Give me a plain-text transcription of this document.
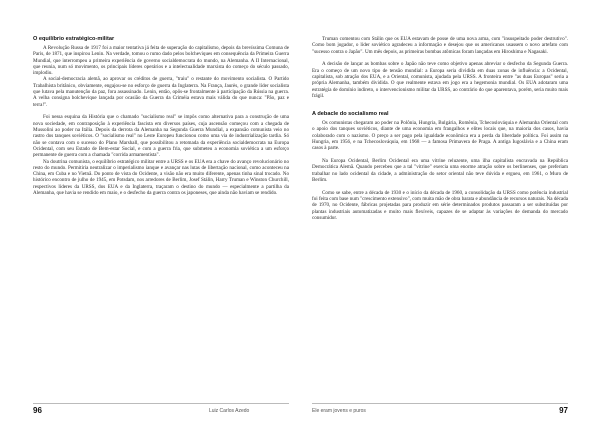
O equilíbrio estratégico-militar

A Revolução Russa de 1917 foi a maior tentativa já feita de superação do capitalismo, depois da brevíssima Comuna de Paris, de 1871, que inspirou Lenin. Na verdade, tomou o rumo dado pelos bolcheviques em consequência da Primeira Guerra Mundial, que interrompeu a primeira experiência de governo socialdemocrata do mundo, na Alemanha. A II Internacional, que reunia, num só movimento, os principais líderes operários e a intelectualidade marxista do começo do século passado, implodiu.

A social-democracia alemã, ao aprovar os créditos de guerra, "traiu" o restante do movimento socialista. O Partido Trabalhista britânico, obviamente, engajou-se no esforço de guerra da Inglaterra. Na França, Jaurès, o grande líder socialista que lutava pela manutenção da paz, fora assassinado. Lenin, então, opôs-se frontalmente à participação da Rússia na guerra. A velha consigna bolchevique lançada por ocasião da Guerra da Criméia estava mais válida do que nunca: "Pão, paz e terra!".

Foi nessa esquina da História que o chamado "socialismo real" se impôs como alternativa para a construção de uma nova sociedade, em contraposição à experiência fascista em diversos países, cuja ascensão começou com a chegada de Mussolini ao poder na Itália. Depois da derrota da Alemanha na Segunda Guerra Mundial, a expansão comunista veio no rastro dos tanques soviéticos. O "socialismo real" no Leste Europeu funcionou como uma via de industrialização tardia. Só não se contava com o sucesso do Plano Marshall, que possibilitou a retomada da experiência socialdemocrata na Europa Ocidental, com seu Estado de Bem-estar Social, e com a guerra fria, que submeteu a economia soviética a um esforço permanente de guerra com a chamada "corrida armamentista".

Na doutrina comunista, o equilíbrio estratégico militar entre a URSS e os EUA era a chave do avanço revolucionário no resto do mundo. Permitiria neutralizar o imperialismo ianque e avançar nas lutas de libertação nacional, como aconteceu na China, em Cuba e no Vietnã. Do ponto de vista do Ocidente, a visão não era muito diferente, apenas tinha sinal trocado. No histórico encontro de julho de 1945, em Potsdam, nos arredores de Berlim, Josef Stálin, Harry Truman e Winston Churchill, respectivos líderes da URSS, dos EUA e da Inglaterra, traçaram o destino do mundo — especialmente a partilha da Alemanha, que havia se rendido em maio, e o desfecho da guerra contra os japoneses, que ainda não haviam se rendido.

Truman comentou com Stálin que os EUA estavam de posse de uma nova arma, com "insuspeitado poder destrutivo". Como bom jogador, o líder soviético agradeceu a informação e desejou que os americanos usassem o novo artefato com "sucesso contra o Japão". Um mês depois, as primeiras bombas atômicas foram lançadas em Hiroshima e Nagasaki.

A decisão de lançar as bombas sobre o Japão não teve como objetivo apenas abreviar o desfecho da Segunda Guerra. Era o começo de um novo tipo de tensão mundial: a Europa seria dividida em duas zonas de influência: a Ocidental, capitalista, sob atração dos EUA, e a Oriental, comunista, ajudada pela URSS. A fronteira entre "as duas Europas" seria a própria Alemanha, também dividida. O que realmente estava em jogo era a hegemonia mundial. Os EUA adotaram uma estratégia de domínio indireto, o intervencionismo militar da URSS, ao contrário do que aparentava, porém, seria muito mais frágil.

A debacle do socialismo real

Os comunistas chegaram ao poder na Polônia, Hungria, Bulgária, Romênia, Tchecoslováquia e Alemanha Oriental com o apoio dos tanques soviéticos, diante de uma economia em frangalhos e elites locais que, na maioria dos casos, havia colaborado com o nazismo. O preço a ser pago pela igualdade econômica era a perda da liberdade política. Foi assim na Hungria, em 1956, e na Tchecoslováquia, em 1968 — a famosa Primavera de Praga. A antiga Iugoslávia e a China eram casos à parte.

Na Europa Ocidental, Berlim Ocidental era uma vitrine reluzente, uma ilha capitalista encravada na República Democrática Alemã. Quando percebeu que a tal "vitrine" exercia uma enorme atração sobre os berlinenses, que preferiam trabalhar no lado ocidental da cidade, a administração do setor oriental não teve dúvida e ergueu, em 1961, o Muro de Berlim.

Como se sabe, entre a década de 1930 e o início da década de 1960, a consolidação da URSS como potência industrial foi feita com base num "crescimento extensivo", com muita mão de obra barata e abundância de recursos naturais. Na década de 1970, no Ocidente, fábricas projetadas para produzir em série determinados produtos passaram a ser substituídas por plantas industriais automatizadas e muito mais flexíveis, capazes de se adaptar às variações de demanda do mercado consumidor.

96	Luiz Carlos Azedo	Ele eram jovens e puros	97
